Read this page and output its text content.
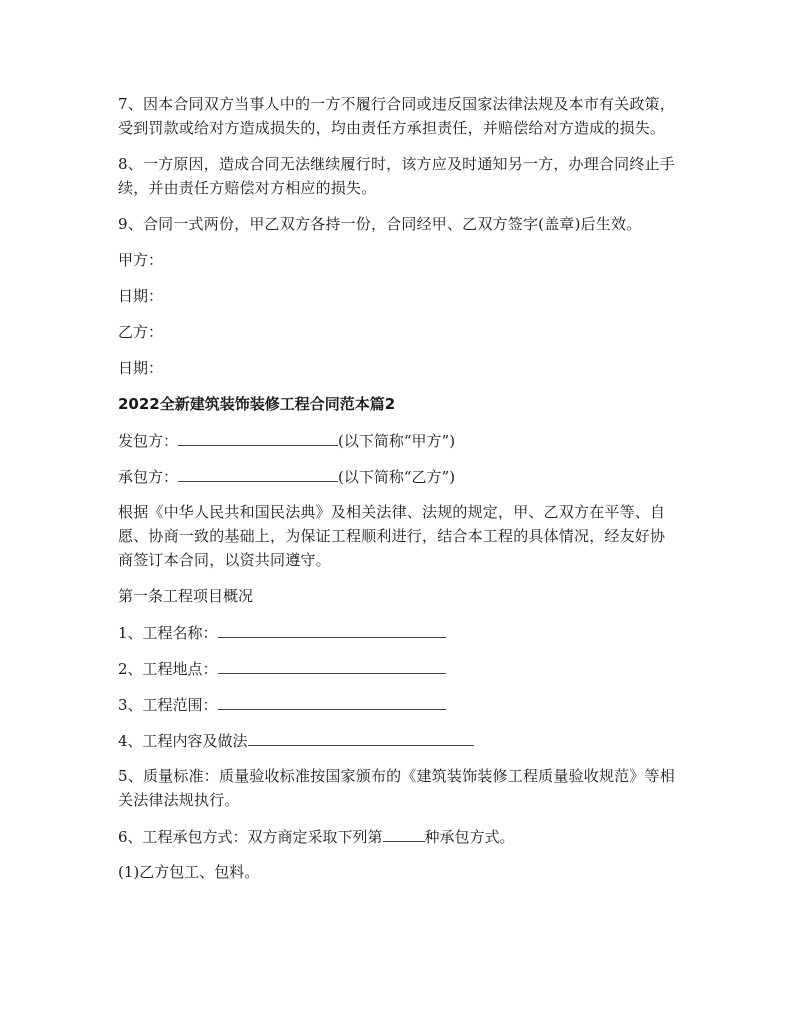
7、因本合同双方当事人中的一方不履行合同或违反国家法律法规及本市有关政策，受到罚款或给对方造成损失的，均由责任方承担责任，并赔偿给对方造成的损失。

8、一方原因，造成合同无法继续履行时，该方应及时通知另一方，办理合同终止手续，并由责任方赔偿对方相应的损失。

9、合同一式两份，甲乙双方各持一份，合同经甲、乙双方签字(盖章)后生效。

甲方：
日期：
乙方：
日期：
2022全新建筑装饰装修工程合同范本篇2
发包方：	(以下简称“甲方”)
承包方：	(以下简称“乙方”)

根据《中华人民共和国民法典》及相关法律、法规的规定，甲、乙双方在平等、自愿、协商一致的基础上，为保证工程顺利进行，结合本工程的具体情况，经友好协商签订本合同，以资共同遵守。

第一条工程项目概况
1、工程名称：
2、工程地点：
3、工程范围：
4、工程内容及做法

5、质量标准：质量验收标准按国家颁布的《建筑装饰装修工程质量验收规范》等相关法律法规执行。

6、工程承包方式：双方商定采取下列第	种承包方式。
(1)乙方包工、包料。
